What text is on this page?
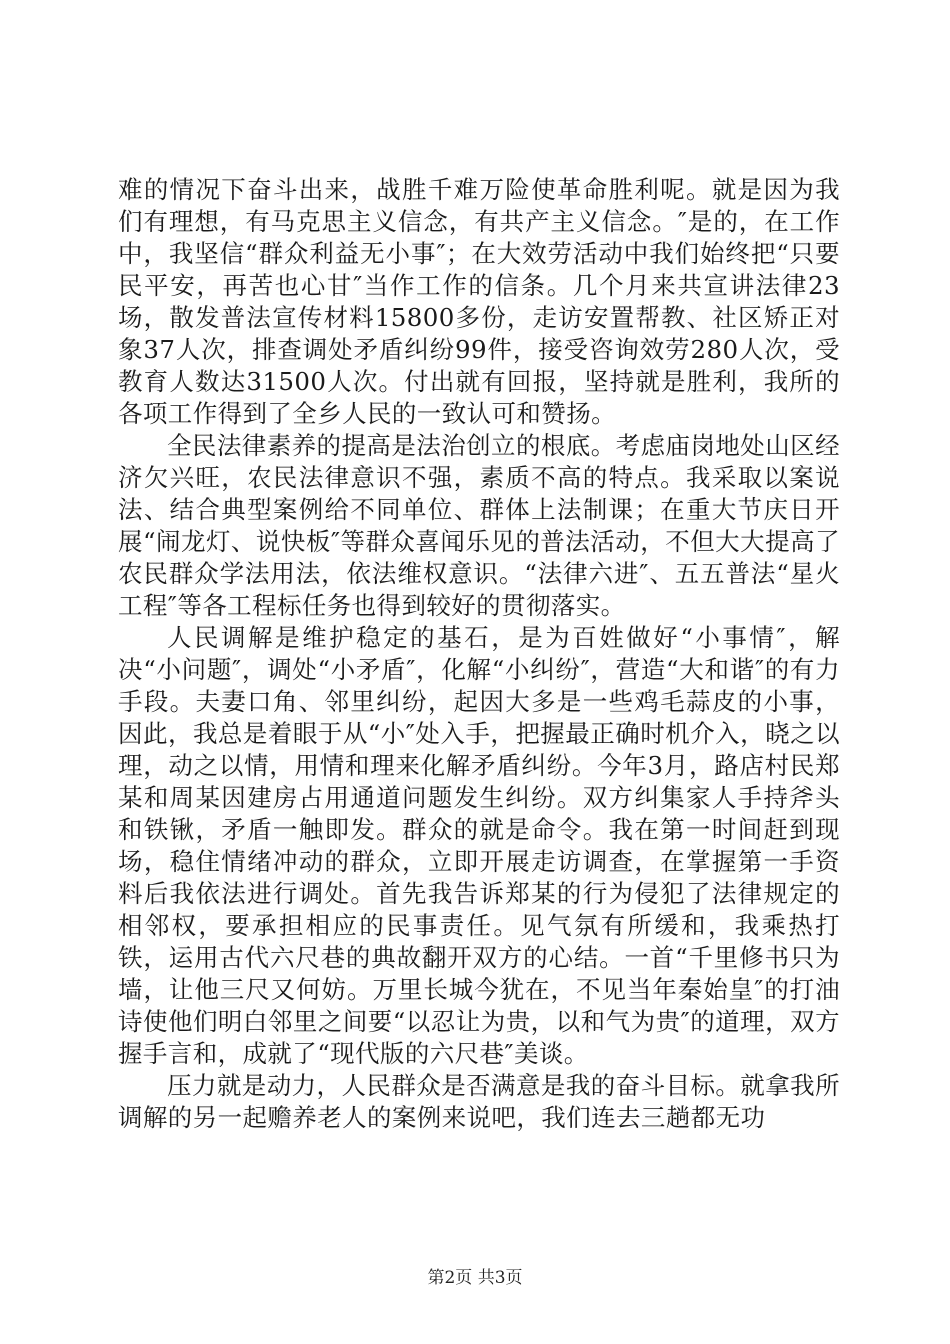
难的情况下奋斗出来，战胜千难万险使革命胜利呢。就是因为我们有理想，有马克思主义信念，有共产主义信念。″是的，在工作中，我坚信“群众利益无小事″；在大效劳活动中我们始终把“只要民平安，再苦也心甘″当作工作的信条。几个月来共宣讲法律23场，散发普法宣传材料15800多份，走访安置帮教、社区矫正对象37人次，排查调处矛盾纠纷99件，接受咨询效劳280人次，受教育人数达31500人次。付出就有回报，坚持就是胜利，我所的各项工作得到了全乡人民的一致认可和赞扬。

全民法律素养的提高是法治创立的根底。考虑庙岗地处山区经济欠兴旺，农民法律意识不强，素质不高的特点。我采取以案说法、结合典型案例给不同单位、群体上法制课；在重大节庆日开展“闹龙灯、说快板″等群众喜闻乐见的普法活动，不但大大提高了农民群众学法用法，依法维权意识。“法律六进″、五五普法“星火工程″等各工程标任务也得到较好的贯彻落实。

人民调解是维护稳定的基石，是为百姓做好“小事情″，解决“小问题″，调处“小矛盾″，化解“小纠纷″，营造“大和谐″的有力手段。夫妻口角、邻里纠纷，起因大多是一些鸡毛蒜皮的小事，因此，我总是着眼于从“小″处入手，把握最正确时机介入，晓之以理，动之以情，用情和理来化解矛盾纠纷。今年3月，路店村民郑某和周某因建房占用通道问题发生纠纷。双方纠集家人手持斧头和铁锹，矛盾一触即发。群众的就是命令。我在第一时间赶到现场，稳住情绪冲动的群众，立即开展走访调查，在掌握第一手资料后我依法进行调处。首先我告诉郑某的行为侵犯了法律规定的相邻权，要承担相应的民事责任。见气氛有所缓和，我乘热打铁，运用古代六尺巷的典故翻开双方的心结。一首“千里修书只为墙，让他三尺又何妨。万里长城今犹在，不见当年秦始皇″的打油诗使他们明白邻里之间要“以忍让为贵，以和气为贵″的道理，双方握手言和，成就了“现代版的六尺巷″美谈。

压力就是动力，人民群众是否满意是我的奋斗目标。就拿我所调解的另一起赡养老人的案例来说吧，我们连去三趟都无功

第2页 共3页
